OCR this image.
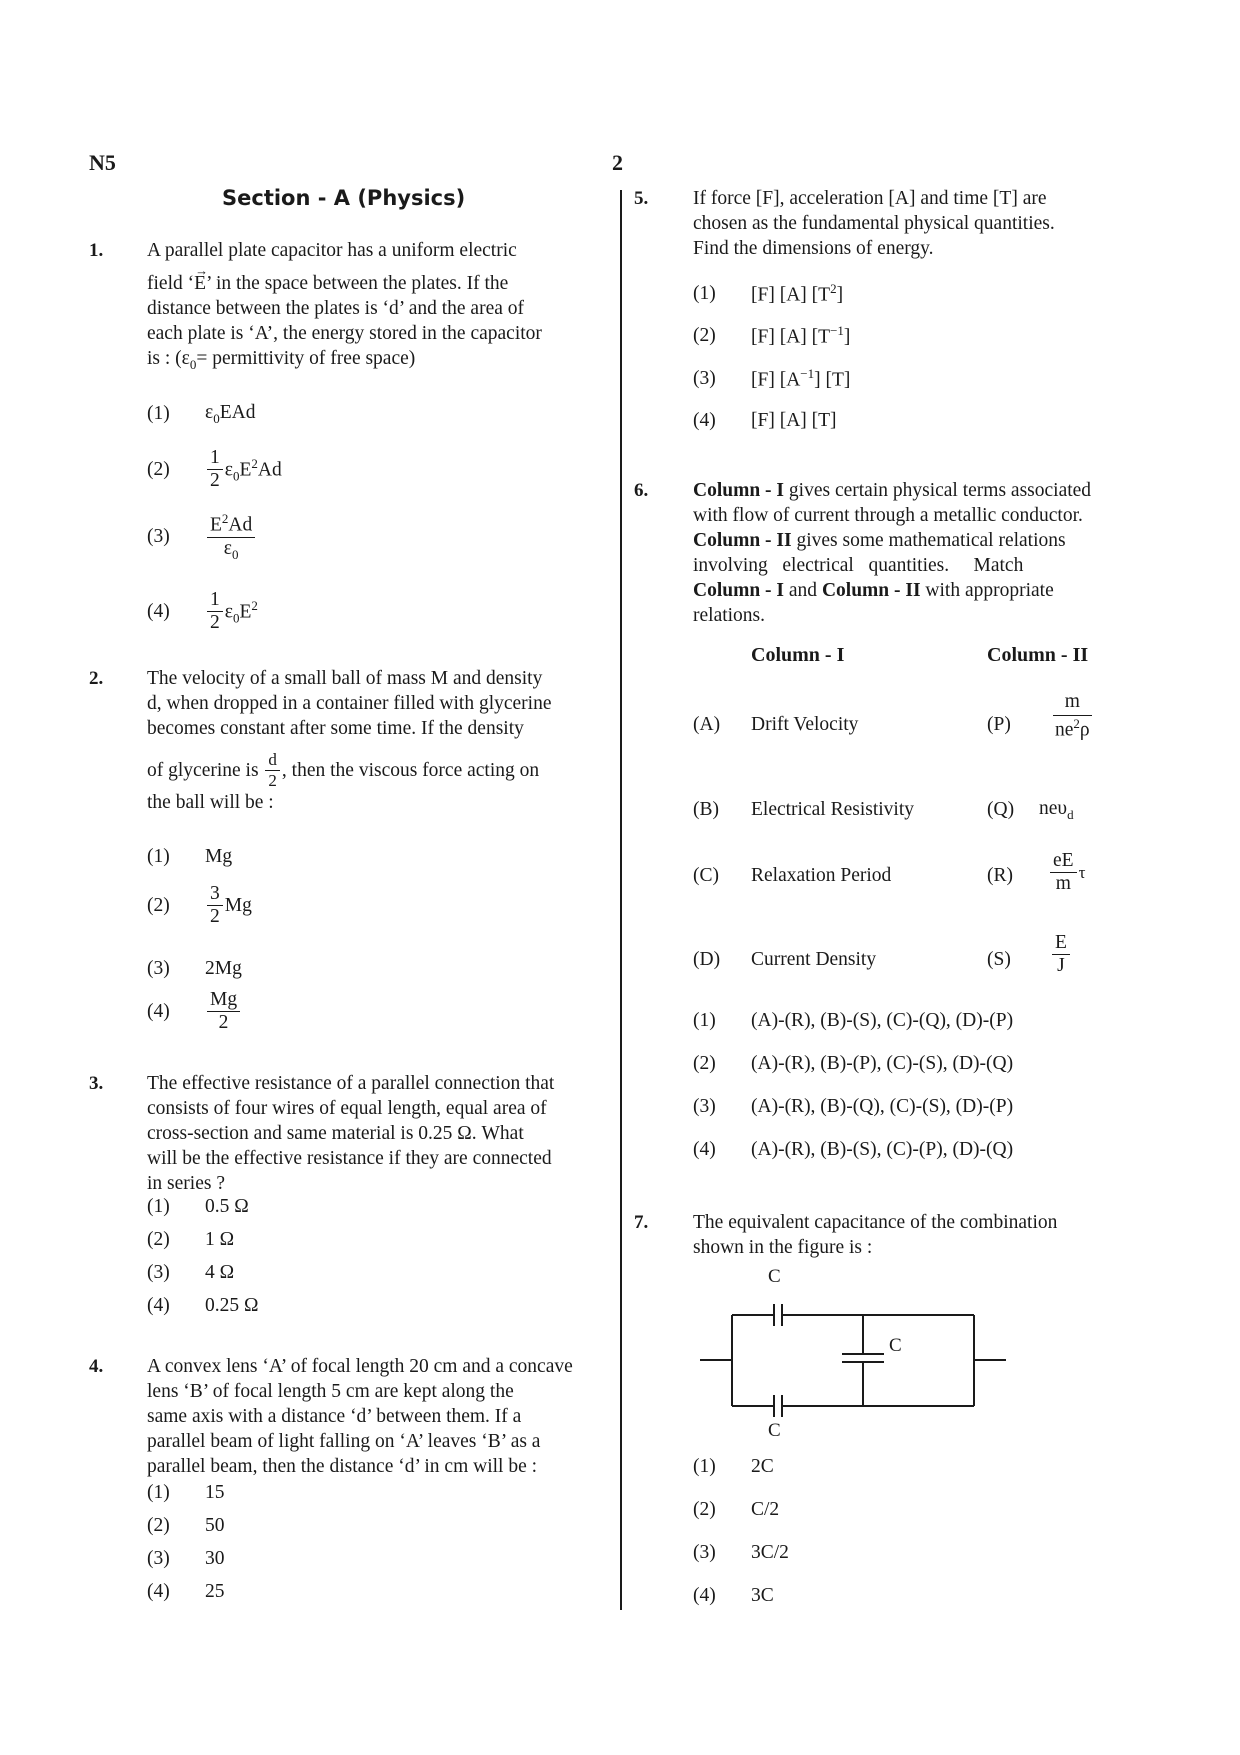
N5	2
Section - A (Physics)
1. A parallel plate capacitor has a uniform electric
field ‘
→
E’ in the space between the plates. If the
distance between the plates is ‘d’ and the area of
each plate is ‘A’, the energy stored in the capacitor
is : ($\varepsilon_0=$ permittivity of free space)
(1)	$\varepsilon_0EAd$
(2)	$\frac{1}{2} \varepsilon_0E^2Ad$
(3)	$\frac{E^2Ad}{\varepsilon_0}$
(4)	$\frac{1}{2} \varepsilon_0E^2$
2. The velocity of a small ball of mass M and density
d, when dropped in a container filled with glycerine
becomes constant after some time. If the density
of glycerine is
$\frac{d}{2}$ , then the viscous force acting on
the ball will be :
(1)	Mg
(2)	$\frac{3}{2}$ Mg
(3)	2Mg
(4)	$\frac{Mg}{2}$
3. The effective resistance of a parallel connection that
consists of four wires of equal length, equal area of
cross-section and same material is 0.25 Ω. What
will be the effective resistance if they are connected
in series ?
(1)	0.5 Ω
(2)	1 Ω
(3)	4 Ω
(4)	0.25 Ω
4. A convex lens ‘A’ of focal length 20 cm and a concave
lens ‘B’ of focal length 5 cm are kept along the
same axis with a distance ‘d’ between them. If a
parallel beam of light falling on ‘A’ leaves ‘B’ as a
parallel beam, then the distance ‘d’ in cm will be :
(1)	15
(2)	50
(3)	30
(4)	25
5. If force [F], acceleration [A] and time [T] are
chosen as the fundamental physical quantities.
Find the dimensions of energy.
(1)	[F] [A] $[T^2]$
(2)	[F] [A] $[T^{-1}]$
(3)	[F] $[A^{-1}]$ [T]
(4)	[F] [A] [T]
6. Column - I gives certain physical terms associated
with flow of current through a metallic conductor.
Column - II gives some mathematical relations
involving   electrical   quantities.     Match
Column - I and Column - II with appropriate
relations.
Column - I	Column - II
(A)	Drift Velocity	(P)	$\frac{m}{ne^2\rho}$
(B)	Electrical Resistivity	(Q)	neυ$_d$
(C)	Relaxation Period	(R)	$\frac{eE}{m}$ τ
(D)	Current Density	(S)	$\frac{E}{J}$
(1)	(A)-(R), (B)-(S), (C)-(Q), (D)-(P)
(2)	(A)-(R), (B)-(P), (C)-(S), (D)-(Q)
(3)	(A)-(R), (B)-(Q), (C)-(S), (D)-(P)
(4)	(A)-(R), (B)-(S), (C)-(P), (D)-(Q)
7. The equivalent capacitance of the combination
shown in the figure is :
C
C
C
(1)	2C
(2)	C/2
(3)	3C/2
(4)	3C
